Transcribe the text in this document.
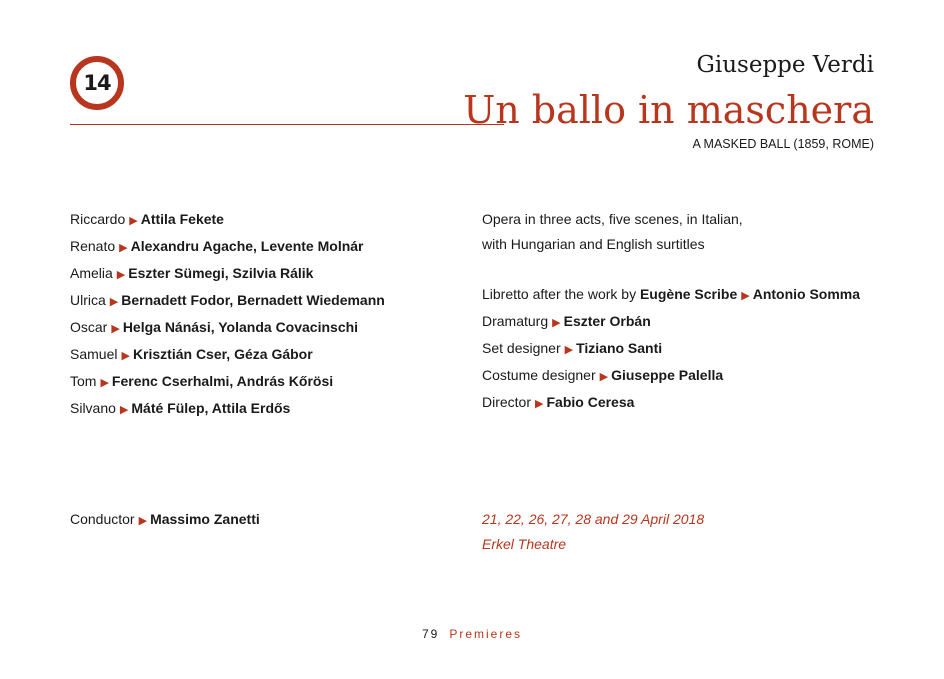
14
Giuseppe Verdi
Un ballo in maschera
A MASKED BALL (1859, ROME)
Riccardo ▶ Attila Fekete
Renato ▶ Alexandru Agache, Levente Molnár
Amelia ▶ Eszter Sümegi, Szilvia Rálik
Ulrica ▶ Bernadett Fodor, Bernadett Wiedemann
Oscar ▶ Helga Nánási, Yolanda Covacinschi
Samuel ▶ Krisztián Cser, Géza Gábor
Tom ▶ Ferenc Cserhalmi, András Kőrösi
Silvano ▶ Máté Fülep, Attila Erdős
Opera in three acts, five scenes, in Italian,
with Hungarian and English surtitles
Libretto after the work by Eugène Scribe ▶ Antonio Somma
Dramaturg ▶ Eszter Orbán
Set designer ▶ Tiziano Santi
Costume designer ▶ Giuseppe Palella
Director ▶ Fabio Ceresa
Conductor ▶ Massimo Zanetti	21, 22, 26, 27, 28 and 29 April 2018
Erkel Theatre
79 Premieres
